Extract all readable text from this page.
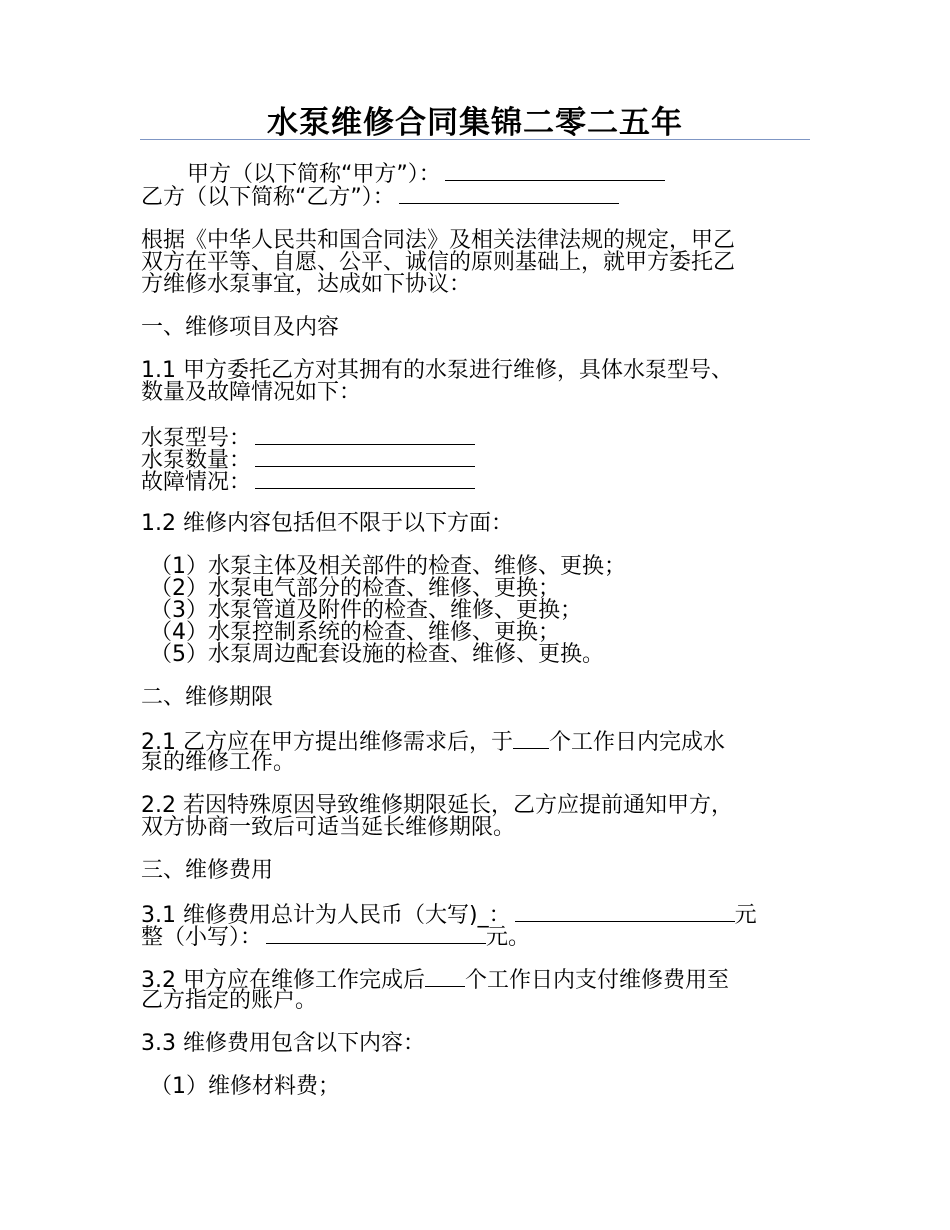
水泵维修合同集锦二零二五年
甲方（以下简称“甲方”）：
乙方（以下简称“乙方”）：
根据《中华人民共和国合同法》及相关法律法规的规定，甲乙
双方在平等、自愿、公平、诚信的原则基础上，就甲方委托乙
方维修水泵事宜，达成如下协议：
一、维修项目及内容
1.1 甲方委托乙方对其拥有的水泵进行维修，具体水泵型号、
数量及故障情况如下：
水泵型号：
水泵数量：
故障情况：
1.2 维修内容包括但不限于以下方面：
（1）水泵主体及相关部件的检查、维修、更换；
（2）水泵电气部分的检查、维修、更换；
（3）水泵管道及附件的检查、维修、更换；
（4）水泵控制系统的检查、维修、更换；
（5）水泵周边配套设施的检查、维修、更换。
二、维修期限
2.1 乙方应在甲方提出维修需求后，于 个工作日内完成水
泵的维修工作。
2.2 若因特殊原因导致维修期限延长，乙方应提前通知甲方，
双方协商一致后可适当延长维修期限。
三、维修费用
3.1 维修费用总计为人民币（大写)_：	元
整（小写）：	元。
3.2 甲方应在维修工作完成后 个工作日内支付维修费用至
乙方指定的账户。
3.3 维修费用包含以下内容：
（1）维修材料费；
